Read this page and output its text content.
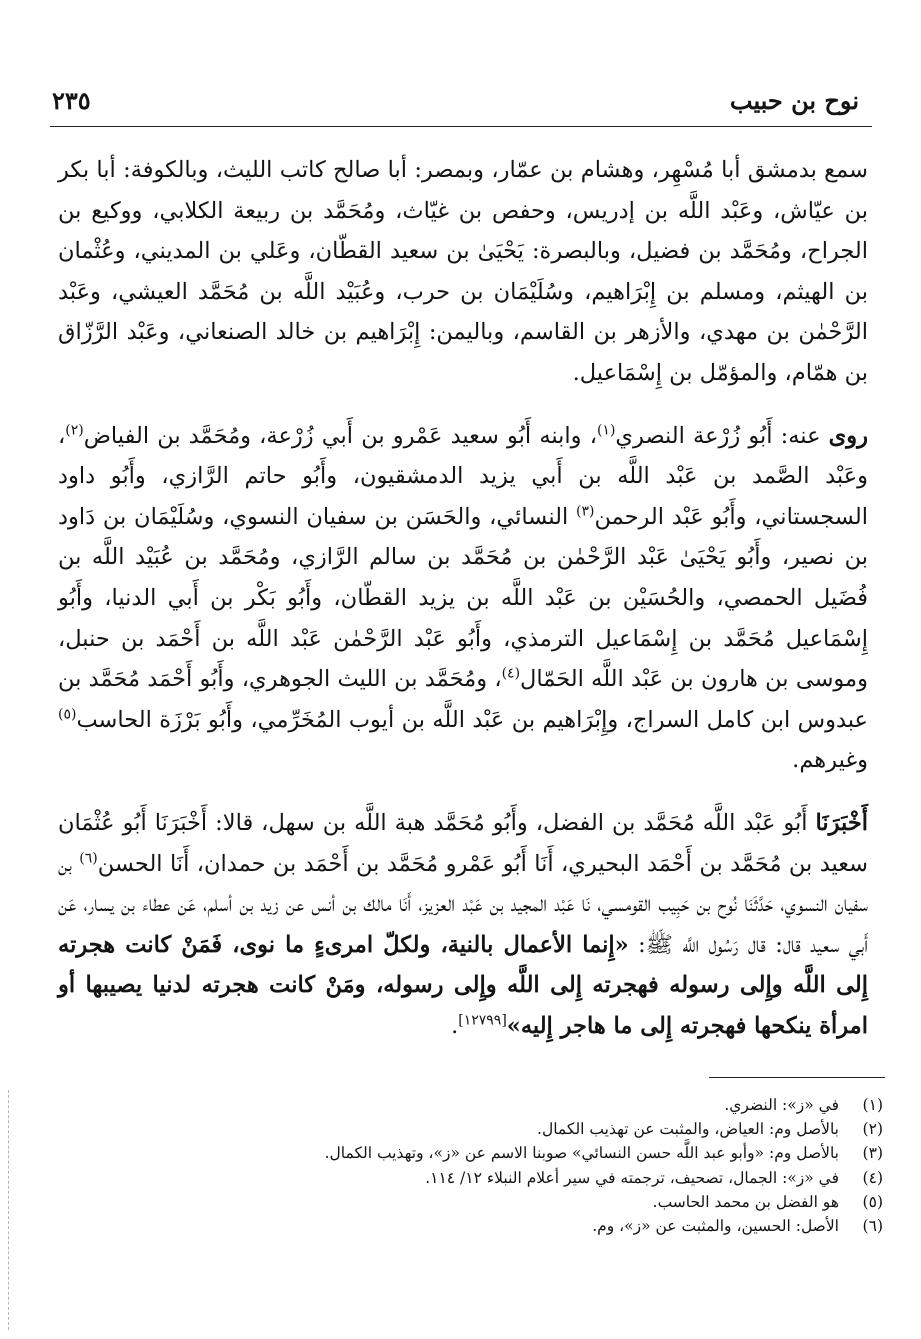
نوح بن حبيب
٢٣٥

سمع بدمشق أبا مُسْهِر، وهشام بن عمّار، وبمصر: أبا صالح كاتب الليث، وبالكوفة: أبا بكر بن عيّاش، وعَبْد اللَّه بن إدريس، وحفص بن غيّاث، ومُحَمَّد بن ربيعة الكلابي، ووكيع بن الجراح، ومُحَمَّد بن فضيل، وبالبصرة: يَحْيَىٰ بن سعيد القطّان، وعَلي بن المديني، وعُثْمان بن الهيثم، ومسلم بن إِبْرَاهيم، وسُلَيْمَان بن حرب، وعُبَيْد اللَّه بن مُحَمَّد العيشي، وعَبْد الرَّحْمٰن بن مهدي، والأزهر بن القاسم، وباليمن: إِبْرَاهيم بن خالد الصنعاني، وعَبْد الرَّزّاق بن همّام، والمؤمّل بن إِسْمَاعيل.

روى عنه: أَبُو زُرْعة النصري$^{(١)}$، وابنه أَبُو سعيد عَمْرو بن أَبي زُرْعة، ومُحَمَّد بن الفياض$^{(٢)}$، وعَبْد الصَّمد بن عَبْد اللَّه بن أَبي يزيد الدمشقيون، وأَبُو حاتم الرَّازي، وأَبُو داود السجستاني، وأَبُو عَبْد الرحمن$^{(٣)}$ النسائي، والحَسَن بن سفيان النسوي، وسُلَيْمَان بن دَاود بن نصير، وأَبُو يَحْيَىٰ عَبْد الرَّحْمٰن بن مُحَمَّد بن سالم الرَّازي، ومُحَمَّد بن عُبَيْد اللَّه بن فُضَيل الحمصي، والحُسَيْن بن عَبْد اللَّه بن يزيد القطّان، وأَبُو بَكْر بن أَبي الدنيا، وأَبُو إِسْمَاعيل مُحَمَّد بن إِسْمَاعيل الترمذي، وأَبُو عَبْد الرَّحْمٰن عَبْد اللَّه بن أَحْمَد بن حنبل، وموسى بن هارون بن عَبْد اللَّه الحَمّال$^{(٤)}$، ومُحَمَّد بن الليث الجوهري، وأَبُو أَحْمَد مُحَمَّد بن عبدوس ابن كامل السراج، وإِبْرَاهيم بن عَبْد اللَّه بن أيوب المُخَرِّمي، وأَبُو بَرْزَة الحاسب$^{(٥)}$ وغيرهم.

أَخْبَرَنَا أَبُو عَبْد اللَّه مُحَمَّد بن الفضل، وأَبُو مُحَمَّد هبة اللَّه بن سهل، قالا: أَخْبَرَنَا أَبُو عُثْمَان سعيد بن مُحَمَّد بن أَحْمَد البحيري، أَنَا أَبُو عَمْرو مُحَمَّد بن أَحْمَد بن حمدان، أَنَا الحسن$^{(٦)}$ بن سفيان النسوي، حَدَّثَنَا نُوح بن حَبِيب القومسي، نَا عَبْد المجيد بن عَبْد العزيز، أَنَا مالك بن أنس عن زيد بن أسلم، عَن عطاء بن يسار، عَن أَبي سعيد قال: قال رَسُول اللَّه ﷺ: «إِنما الأعمال بالنية، ولكلّ امرىءٍ ما نوى، فَمَنْ كانت هجرته إِلى اللَّه وإِلى رسوله فهجرته إِلى اللَّه وإِلى رسوله، ومَنْ كانت هجرته لدنيا يصيبها أو امرأة ينكحها فهجرته إِلى ما هاجر إِليه»[١٢٧٩٩].

(١)
في «ز»: النضري.
(٢)
بالأصل وم: العياض، والمثبت عن تهذيب الكمال.
(٣)
بالأصل وم: «وأبو عبد اللَّه حسن النسائي» صوبنا الاسم عن «ز»، وتهذيب الكمال.
(٤)
في «ز»: الجمال، تصحيف، ترجمته في سير أعلام النبلاء ١٢/ ١١٤.
(٥)
هو الفضل بن محمد الحاسب.
(٦)
الأصل: الحسين، والمثبت عن «ز»، وم.
